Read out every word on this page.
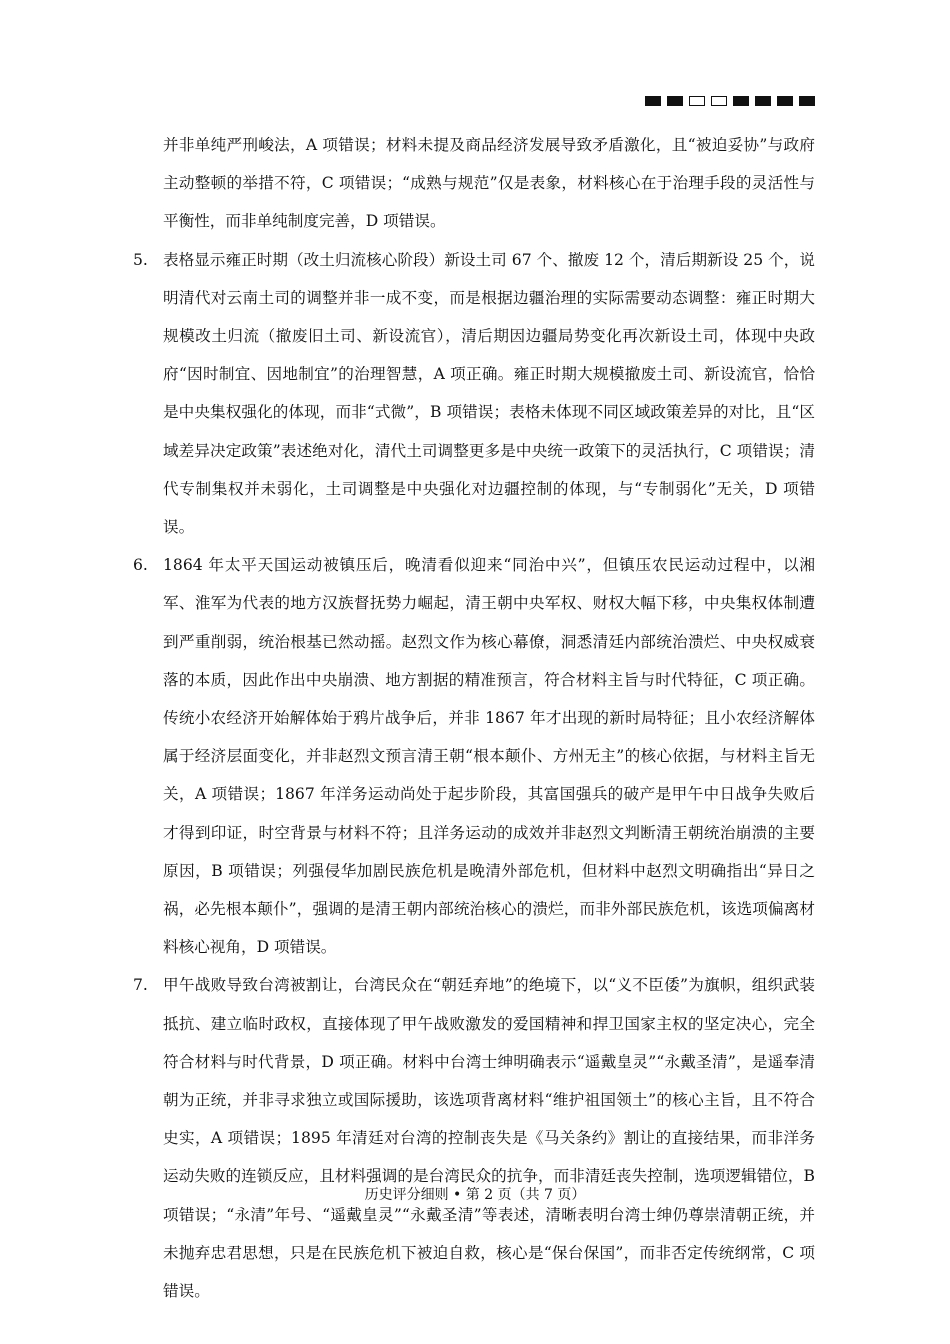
并非单纯严刑峻法，A 项错误；材料未提及商品经济发展导致矛盾激化，且“被迫妥协”与政府主动整顿的举措不符，C 项错误；“成熟与规范”仅是表象，材料核心在于治理手段的灵活性与平衡性，而非单纯制度完善，D 项错误。

5. 表格显示雍正时期（改土归流核心阶段）新设土司 67 个、撤废 12 个，清后期新设 25 个，说明清代对云南土司的调整并非一成不变，而是根据边疆治理的实际需要动态调整：雍正时期大规模改土归流（撤废旧土司、新设流官），清后期因边疆局势变化再次新设土司，体现中央政府“因时制宜、因地制宜”的治理智慧，A 项正确。雍正时期大规模撤废土司、新设流官，恰恰是中央集权强化的体现，而非“式微”，B 项错误；表格未体现不同区域政策差异的对比，且“区域差异决定政策”表述绝对化，清代土司调整更多是中央统一政策下的灵活执行，C 项错误；清代专制集权并未弱化，土司调整是中央强化对边疆控制的体现，与“专制弱化”无关，D 项错误。
6. 1864 年太平天国运动被镇压后，晚清看似迎来“同治中兴”，但镇压农民运动过程中，以湘军、淮军为代表的地方汉族督抚势力崛起，清王朝中央军权、财权大幅下移，中央集权体制遭到严重削弱，统治根基已然动摇。赵烈文作为核心幕僚，洞悉清廷内部统治溃烂、中央权威衰落的本质，因此作出中央崩溃、地方割据的精准预言，符合材料主旨与时代特征，C 项正确。传统小农经济开始解体始于鸦片战争后，并非 1867 年才出现的新时局特征；且小农经济解体属于经济层面变化，并非赵烈文预言清王朝“根本颠仆、方州无主”的核心依据，与材料主旨无关，A 项错误；1867 年洋务运动尚处于起步阶段，其富国强兵的破产是甲午中日战争失败后才得到印证，时空背景与材料不符；且洋务运动的成效并非赵烈文判断清王朝统治崩溃的主要原因，B 项错误；列强侵华加剧民族危机是晚清外部危机，但材料中赵烈文明确指出“异日之祸，必先根本颠仆”，强调的是清王朝内部统治核心的溃烂，而非外部民族危机，该选项偏离材料核心视角，D 项错误。
7. 甲午战败导致台湾被割让，台湾民众在“朝廷弃地”的绝境下，以“义不臣倭”为旗帜，组织武装抵抗、建立临时政权，直接体现了甲午战败激发的爱国精神和捍卫国家主权的坚定决心，完全符合材料与时代背景，D 项正确。材料中台湾士绅明确表示“遥戴皇灵”“永戴圣清”，是遥奉清朝为正统，并非寻求独立或国际援助，该选项背离材料“维护祖国领土”的核心主旨，且不符合史实，A 项错误；1895 年清廷对台湾的控制丧失是《马关条约》割让的直接结果，而非洋务运动失败的连锁反应，且材料强调的是台湾民众的抗争，而非清廷丧失控制，选项逻辑错位，B 项错误；“永清”年号、“遥戴皇灵”“永戴圣清”等表述，清晰表明台湾士绅仍尊崇清朝正统，并未抛弃忠君思想，只是在民族危机下被迫自救，核心是“保台保国”，而非否定传统纲常，C 项错误。
历史评分细则 • 第 2 页（共 7 页）
